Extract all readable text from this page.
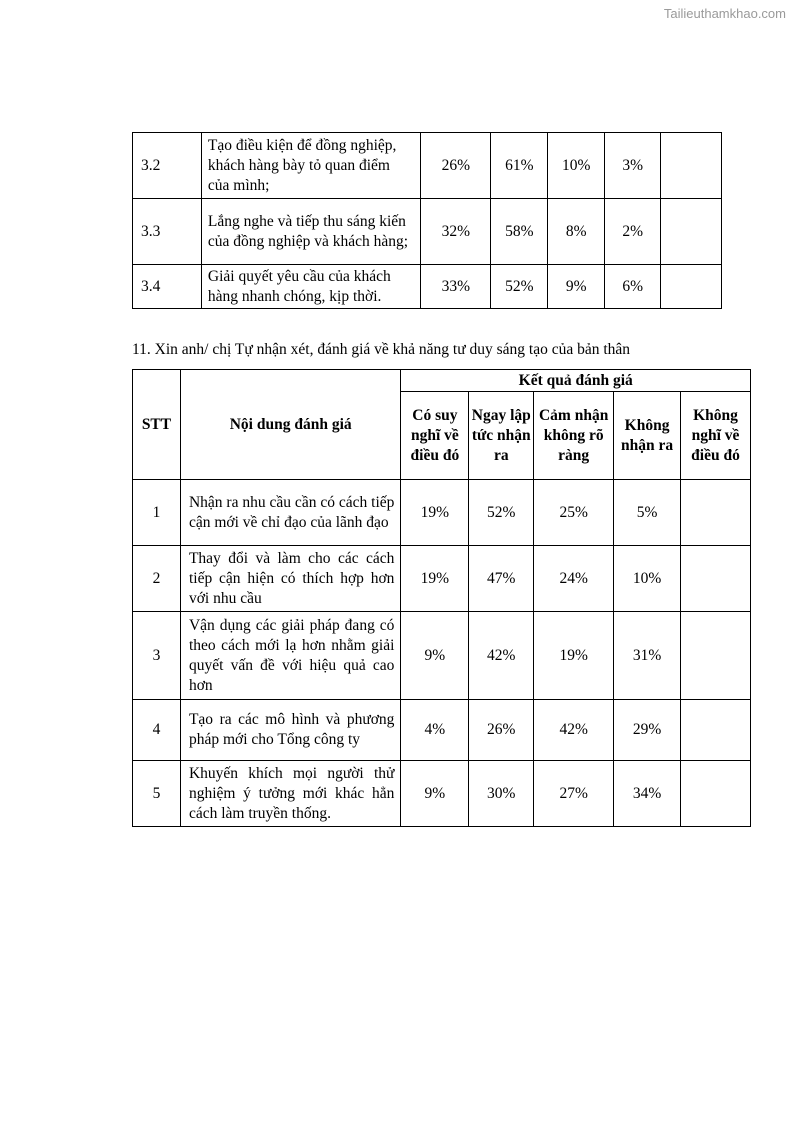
Tailieuthamkhao.com
3.2	Tạo điều kiện để đồng nghiệp, khách hàng bày tỏ quan điểm của mình;	26%	61%	10%	3%	
3.3	Lắng nghe và tiếp thu sáng kiến của đồng nghiệp và khách hàng;	32%	58%	8%	2%	
3.4	Giải quyết yêu cầu của khách hàng nhanh chóng, kịp thời.	33%	52%	9%	6%	
11. Xin anh/ chị Tự nhận xét, đánh giá về khả năng tư duy sáng tạo của bản thân
STT	Nội dung đánh giá	Kết quả đánh giá				
		Có suy nghĩ về điều đó	Ngay lập tức nhận ra	Cảm nhận không rõ ràng	Không nhận ra	Không nghĩ về điều đó
1	Nhận ra nhu cầu cần có cách tiếp cận mới về chỉ đạo của lãnh đạo	19%	52%	25%	5%	
2	Thay đổi và làm cho các cách tiếp cận hiện có thích hợp hơn với nhu cầu	19%	47%	24%	10%	
3	Vận dụng các giải pháp đang có theo cách mới lạ hơn nhằm giải quyết vấn đề với hiệu quả cao hơn	9%	42%	19%	31%	
4	Tạo ra các mô hình và phương pháp mới cho Tổng công ty	4%	26%	42%	29%	
5	Khuyến khích mọi người thử nghiệm ý tưởng mới khác hẳn cách làm truyền thống.	9%	30%	27%	34%	
